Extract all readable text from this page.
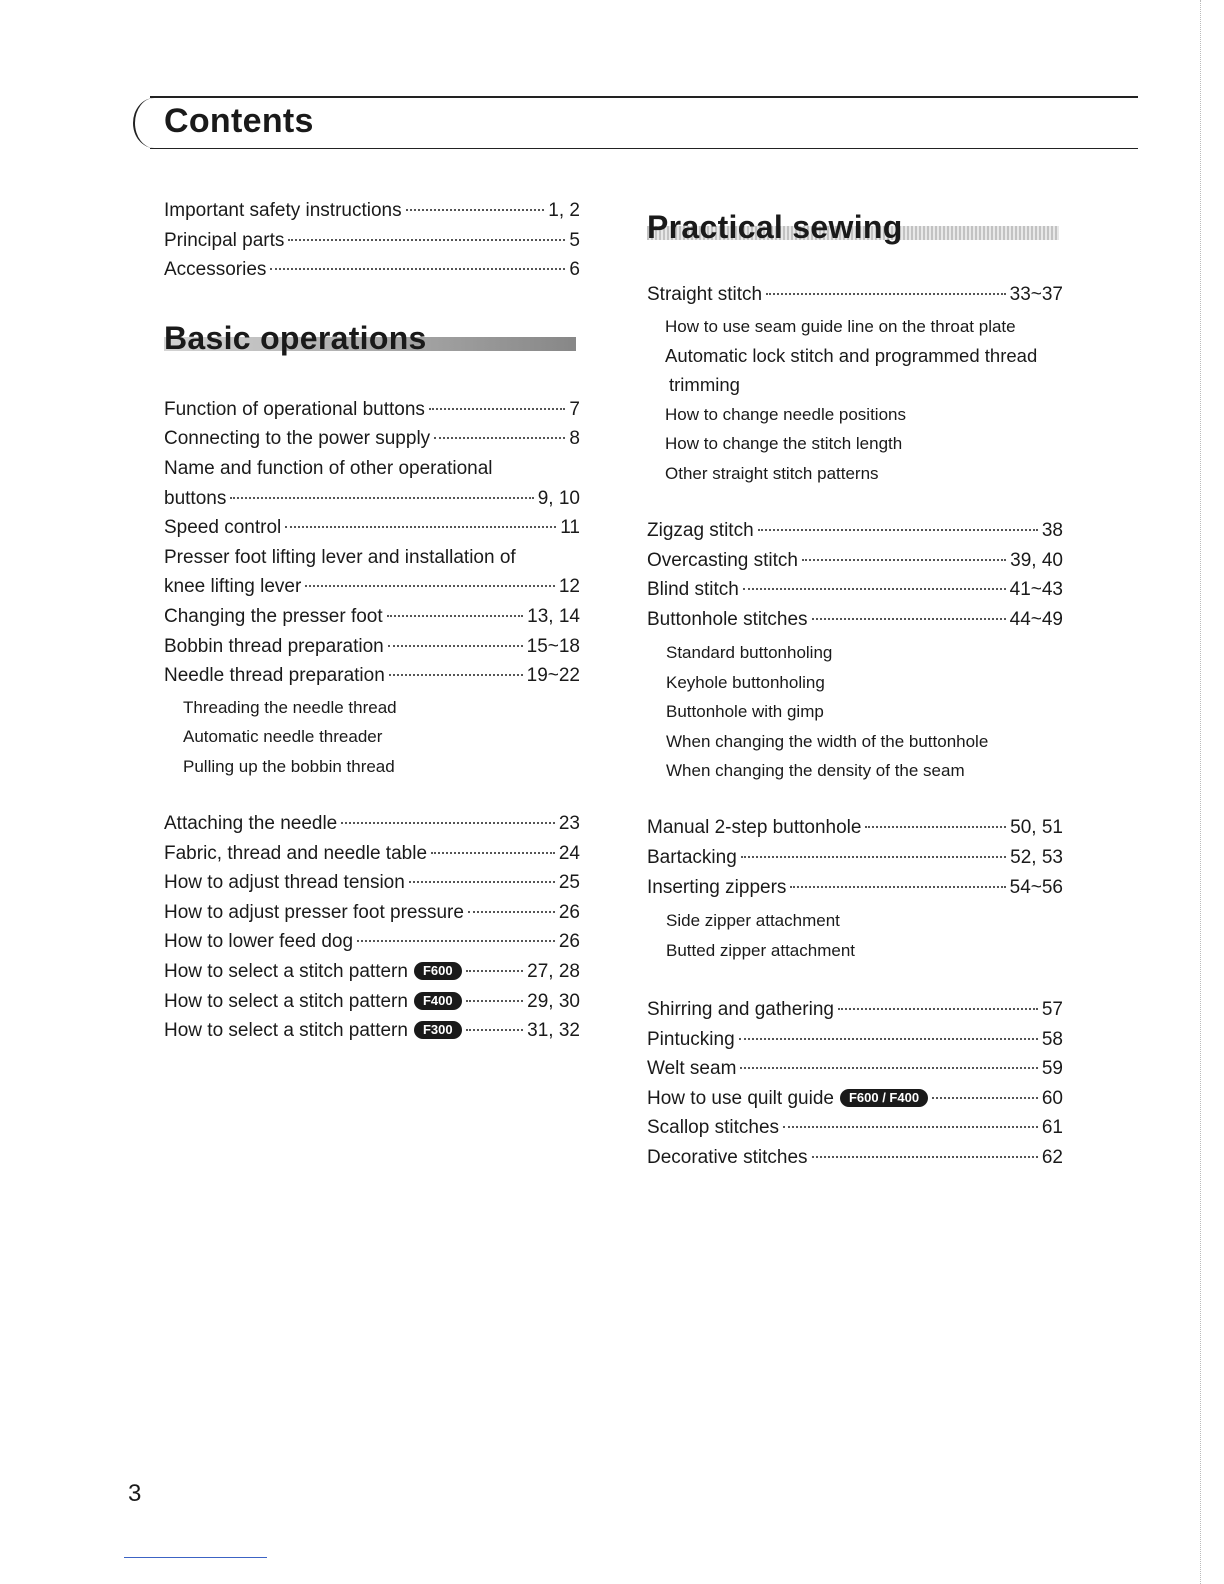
Contents
Important safety instructions	1, 2
Principal parts	5
Accessories	6
Basic operations
Function of operational buttons	7
Connecting to the power supply	8
Name and function of other operational
buttons	9, 10
Speed control	11
Presser foot lifting lever and installation of
knee lifting lever	12
Changing the presser foot	13, 14
Bobbin thread preparation	15~18
Needle thread preparation	19~22
Threading the needle thread
Automatic needle threader
Pulling up the bobbin thread
Attaching the needle	23
Fabric, thread and needle table	24
How to adjust thread tension	25
How to adjust presser foot pressure	26
How to lower feed dog	26
How to select a stitch pattern	F600	27, 28
How to select a stitch pattern	F400	29, 30
How to select a stitch pattern	F300	31, 32
Practical sewing
Straight stitch	33~37
How to use seam guide line on the throat plate
Automatic lock stitch and programmed thread
trimming
How to change needle positions
How to change the stitch length
Other straight stitch patterns
Zigzag stitch	38
Overcasting stitch	39, 40
Blind stitch	41~43
Buttonhole stitches	44~49
Standard buttonholing
Keyhole buttonholing
Buttonhole with gimp
When changing the width of the buttonhole
When changing the density of the seam
Manual 2-step buttonhole	50, 51
Bartacking	52, 53
Inserting zippers	54~56
Side zipper attachment
Butted zipper attachment
Shirring and gathering	57
Pintucking	58
Welt seam	59
How to use quilt guide	F600 / F400	60
Scallop stitches	61
Decorative stitches	62
3
